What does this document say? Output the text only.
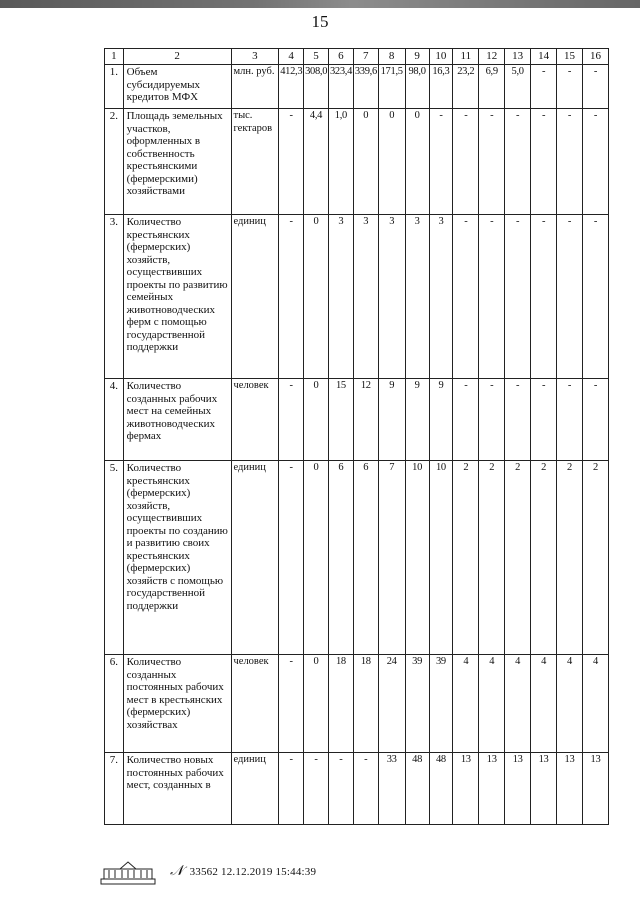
15
1	2	3	4	5	6	7	8	9	10	11	12	13	14	15	16
1.	Объем субсидируемых кредитов МФХ	млн. руб.	412,3	308,0	323,4	339,6	171,5	98,0	16,3	23,2	6,9	5,0	-	-	-
2.	Площадь земельных участков, оформленных в собственность крестьянскими (фермерскими) хозяйствами	тыс. гектаров	-	4,4	1,0	0	0	0	-	-	-	-	-	-	-
3.	Количество крестьянских (фермерских) хозяйств, осуществивших проекты по развитию семейных животноводческих ферм с помощью государственной поддержки	единиц	-	0	3	3	3	3	3	-	-	-	-	-	-
4.	Количество созданных рабочих мест на семейных животноводческих фермах	человек	-	0	15	12	9	9	9	-	-	-	-	-	-
5.	Количество крестьянских (фермерских) хозяйств, осуществивших проекты по созданию и развитию своих крестьянских (фермерских) хозяйств с помощью государственной поддержки	единиц	-	0	6	6	7	10	10	2	2	2	2	2	2
6.	Количество созданных постоянных рабочих мест в крестьянских (фермерских) хозяйствах	человек	-	0	18	18	24	39	39	4	4	4	4	4	4
7.	Количество новых постоянных рабочих мест, созданных в	единиц	-	-	-	-	33	48	48	13	13	13	13	13	13
𝒩 33562 12.12.2019 15:44:39
